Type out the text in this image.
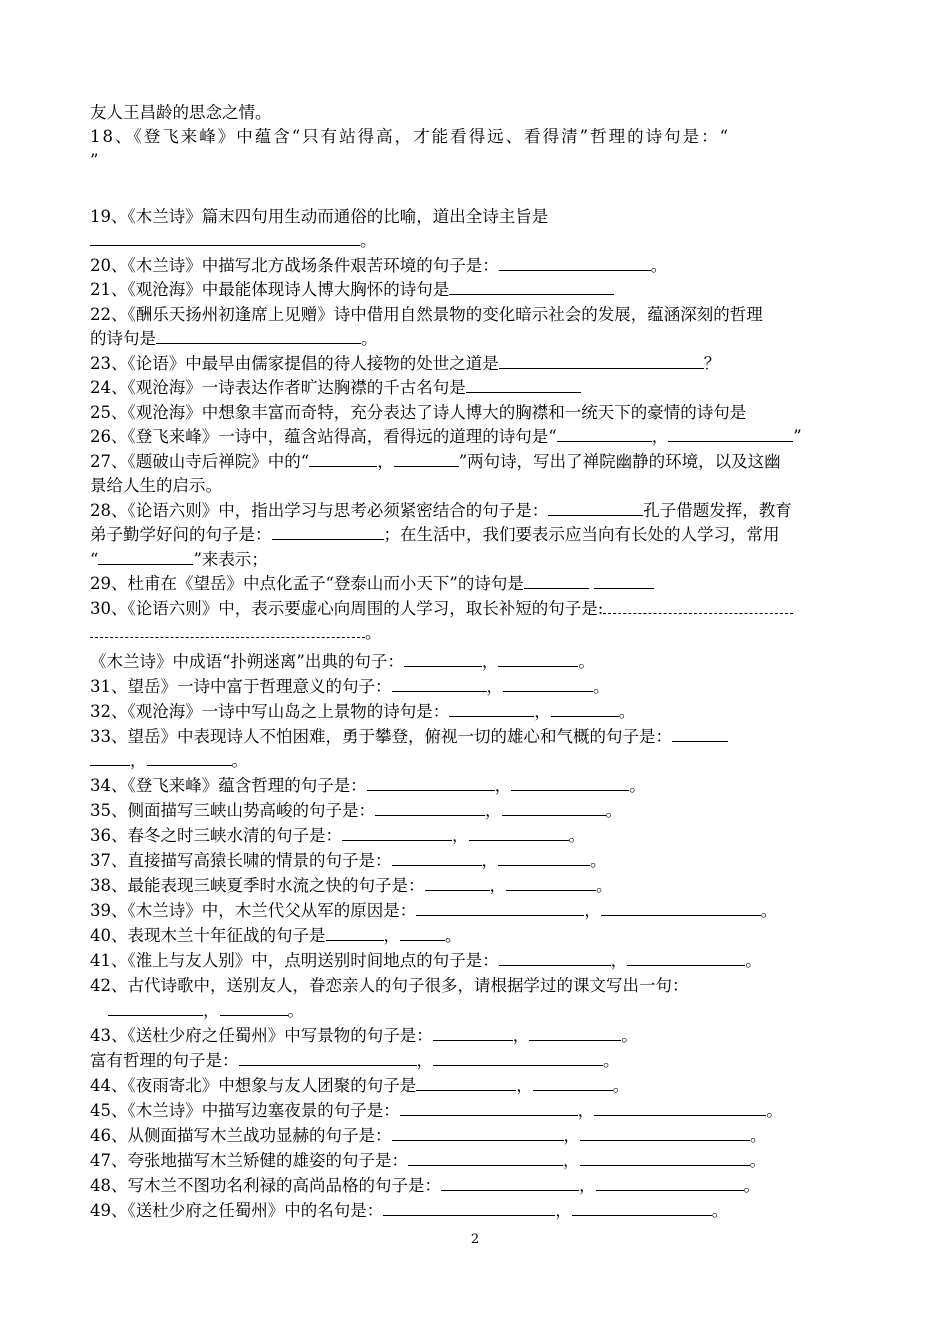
友人王昌龄的思念之情。
18、《登飞来峰》中蕴含“只有站得高，才能看得远、看得清”哲理的诗句是：“
”
19、《木兰诗》篇末四句用生动而通俗的比喻，道出全诗主旨是
。
20、《木兰诗》中描写北方战场条件艰苦环境的句子是：	。
21、《观沧海》中最能体现诗人博大胸怀的诗句是
22、《酬乐天扬州初逢席上见赠》诗中借用自然景物的变化暗示社会的发展，蕴涵深刻的哲理
的诗句是	。
23、《论语》中最早由儒家提倡的待人接物的处世之道是	？
24、《观沧海》一诗表达作者旷达胸襟的千古名句是
25、《观沧海》中想象丰富而奇特，充分表达了诗人博大的胸襟和一统天下的豪情的诗句是
26、《登飞来峰》一诗中，蕴含站得高，看得远的道理的诗句是“	，	”
27、《题破山寺后禅院》中的“	，	”两句诗，写出了禅院幽静的环境，以及这幽
景给人生的启示。
28、《论语六则》中，指出学习与思考必须紧密结合的句子是：	孔子借题发挥，教育
弟子勤学好问的句子是：	；在生活中，我们要表示应当向有长处的人学习，常用
“	”来表示；
29、杜甫在《望岳》中点化孟子“登泰山而小天下”的诗句是
30、《论语六则》中，表示要虚心向周围的人学习，取长补短的句子是:
。
《木兰诗》中成语“扑朔迷离”出典的句子：	，	。
31、望岳》一诗中富于哲理意义的句子：	，	。
32、《观沧海》一诗中写山岛之上景物的诗句是：	，	。
33、望岳》中表现诗人不怕困难，勇于攀登，俯视一切的雄心和气概的句子是：
，	。
34、《登飞来峰》蕴含哲理的句子是：	，	。
35、侧面描写三峡山势高峻的句子是：	，	。
36、春冬之时三峡水清的句子是：	，	。
37、直接描写高猿长啸的情景的句子是：	，	。
38、最能表现三峡夏季时水流之快的句子是：	，	。
39、《木兰诗》中，木兰代父从军的原因是：	，	。
40、表现木兰十年征战的句子是	，	。
41、《淮上与友人别》中，点明送别时间地点的句子是：	，	。
42、古代诗歌中，送别友人，眷恋亲人的句子很多，请根据学过的课文写出一句：
，	。
43、《送杜少府之任蜀州》中写景物的句子是：	，	。
富有哲理的句子是：	，	。
44、《夜雨寄北》中想象与友人团聚的句子是	，	。
45、《木兰诗》中描写边塞夜景的句子是：	，	。
46、从侧面描写木兰战功显赫的句子是：	，	。
47、夸张地描写木兰矫健的雄姿的句子是：	，	。
48、写木兰不图功名利禄的高尚品格的句子是：	，	。
49、《送杜少府之任蜀州》中的名句是：	，	。
2
